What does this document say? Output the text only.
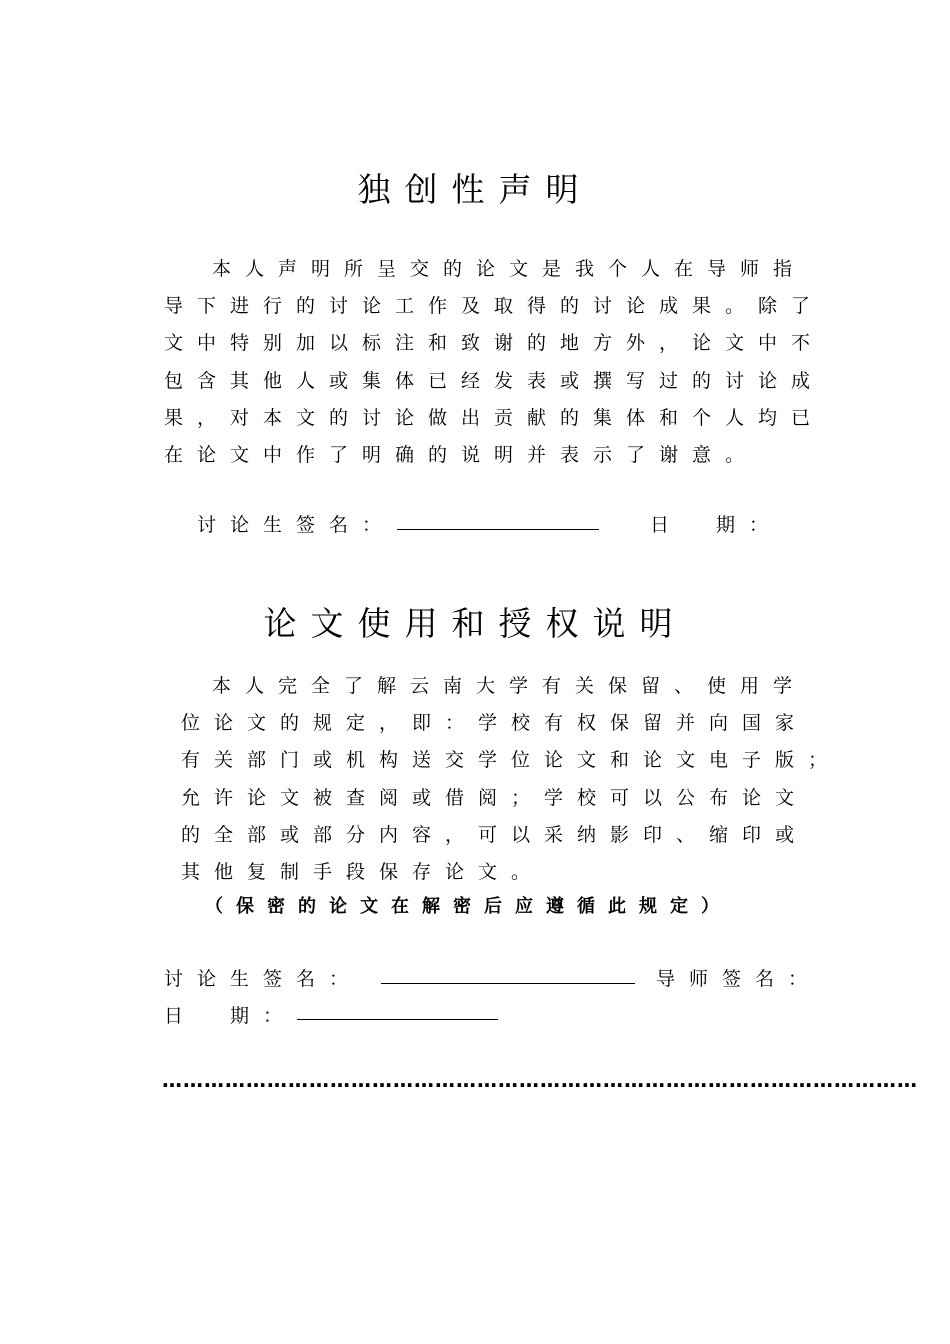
独创性声明
本人声明所呈交的论文是我个人在导师指
导下进行的讨论工作及取得的讨论成果。除了
文中特别加以标注和致谢的地方外，论文中不
包含其他人或集体已经发表或撰写过的讨论成
果，对本文的讨论做出贡献的集体和个人均已
在论文中作了明确的说明并表示了谢意。
讨论生签名：	日　期：
论文使用和授权说明
本人完全了解云南大学有关保留、使用学
位论文的规定，即：学校有权保留并向国家
有关部门或机构送交学位论文和论文电子版；
允许论文被查阅或借阅；学校可以公布论文
的全部或部分内容，可以采纳影印、缩印或
其他复制手段保存论文。
（保密的论文在解密后应遵循此规定）
讨论生签名：	导师签名：
日　期：
………………………………………………………………………………………………
